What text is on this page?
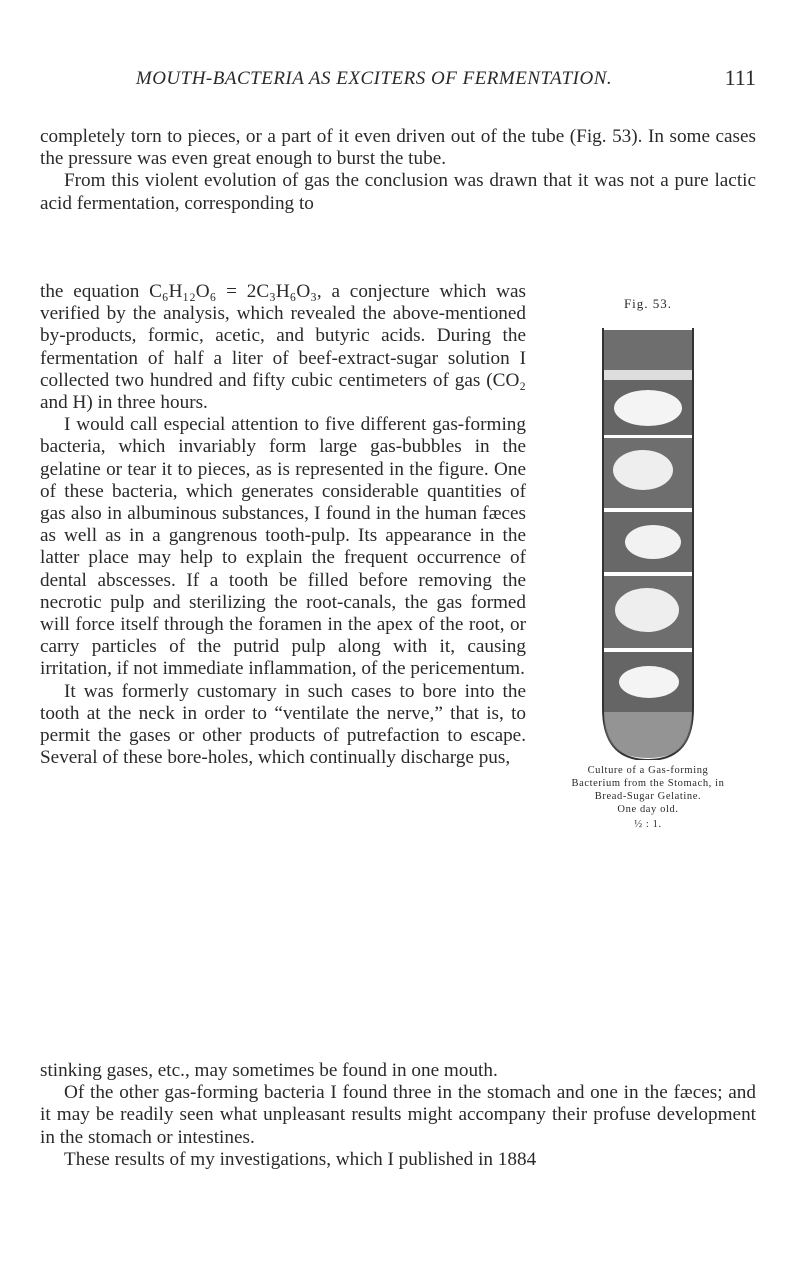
MOUTH-BACTERIA AS EXCITERS OF FERMENTATION.	111

completely torn to pieces, or a part of it even driven out of the tube (Fig. 53). In some cases the pressure was even great enough to burst the tube.

From this violent evolution of gas the conclusion was drawn that it was not a pure lactic acid fermentation, corresponding to

the equation C₆H₁₂O₆ = 2C₃H₆O₃, a conjecture which was verified by the analysis, which revealed the above-mentioned by-products, formic, acetic, and butyric acids. During the fermentation of half a liter of beef-extract-sugar solution I collected two hundred and fifty cubic centimeters of gas (CO₂ and H) in three hours.

I would call especial attention to five different gas-forming bacteria, which invariably form large gas-bubbles in the gelatine or tear it to pieces, as is represented in the figure. One of these bacteria, which generates considerable quantities of gas also in albuminous substances, I found in the human fæces as well as in a gangrenous tooth-pulp. Its appearance in the latter place may help to explain the frequent occurrence of dental abscesses. If a tooth be filled before removing the necrotic pulp and sterilizing the root-canals, the gas formed will force itself through the foramen in the apex of the root, or carry particles of the putrid pulp along with it, causing irritation, if not immediate inflammation, of the pericementum.

It was formerly customary in such cases to bore into the tooth at the neck in order to “ventilate the nerve,” that is, to permit the gases or other products of putrefaction to escape. Several of these bore-holes, which continually discharge pus,

stinking gases, etc., may sometimes be found in one mouth.

Of the other gas-forming bacteria I found three in the stomach and one in the fæces; and it may be readily seen what unpleasant results might accompany their profuse development in the stomach or intestines.

These results of my investigations, which I published in 1884

Fig. 53.
Culture of a Gas-forming Bacterium from the Stomach, in Bread-Sugar Gelatine.
One day old.
½ : 1.
